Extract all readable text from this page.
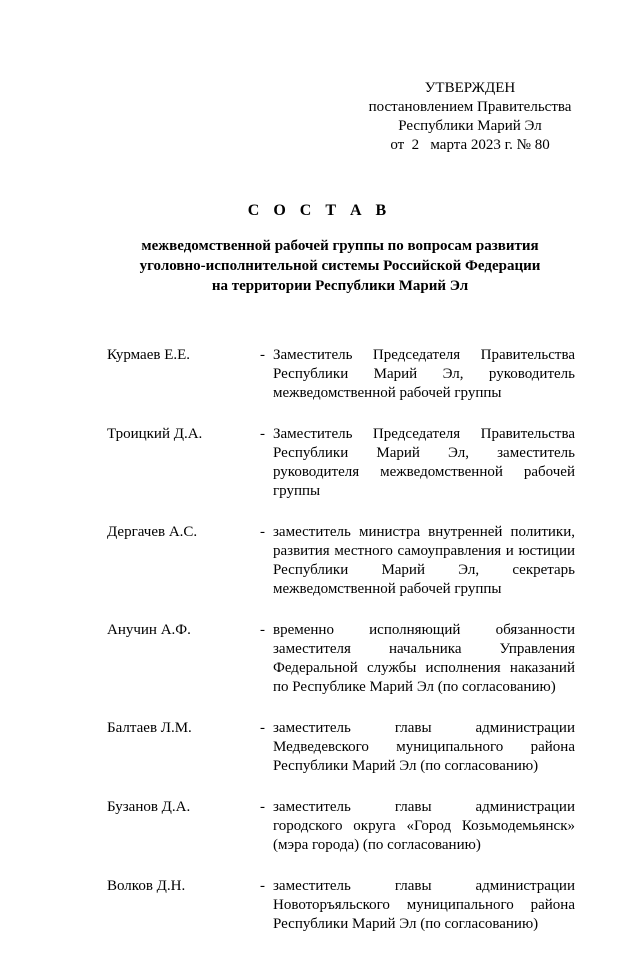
УТВЕРЖДЕН
постановлением Правительства
Республики Марий Эл
от  2   марта 2023 г. № 80
С О С Т А В
межведомственной рабочей группы по вопросам развития
уголовно-исполнительной системы Российской Федерации
на территории Республики Марий Эл
Курмаев Е.Е.	- Заместитель Председателя Правительства
Республики Марий Эл, руководитель
межведомственной рабочей группы
Троицкий Д.А.	- Заместитель Председателя Правительства
Республики Марий Эл, заместитель
руководителя межведомственной рабочей
группы
Дергачев А.С.	- заместитель министра внутренней политики,
развития местного самоуправления и юстиции
Республики Марий Эл, секретарь
межведомственной рабочей группы
Анучин А.Ф.	- временно исполняющий обязанности
заместителя начальника Управления
Федеральной службы исполнения наказаний
по Республике Марий Эл (по согласованию)
Балтаев Л.М.	- заместитель главы администрации
Медведевского муниципального района
Республики Марий Эл (по согласованию)
Бузанов Д.А.	- заместитель главы администрации
городского округа «Город Козьмодемьянск»
(мэра города) (по согласованию)
Волков Д.Н.	- заместитель главы администрации
Новоторъяльского муниципального района
Республики Марий Эл (по согласованию)
